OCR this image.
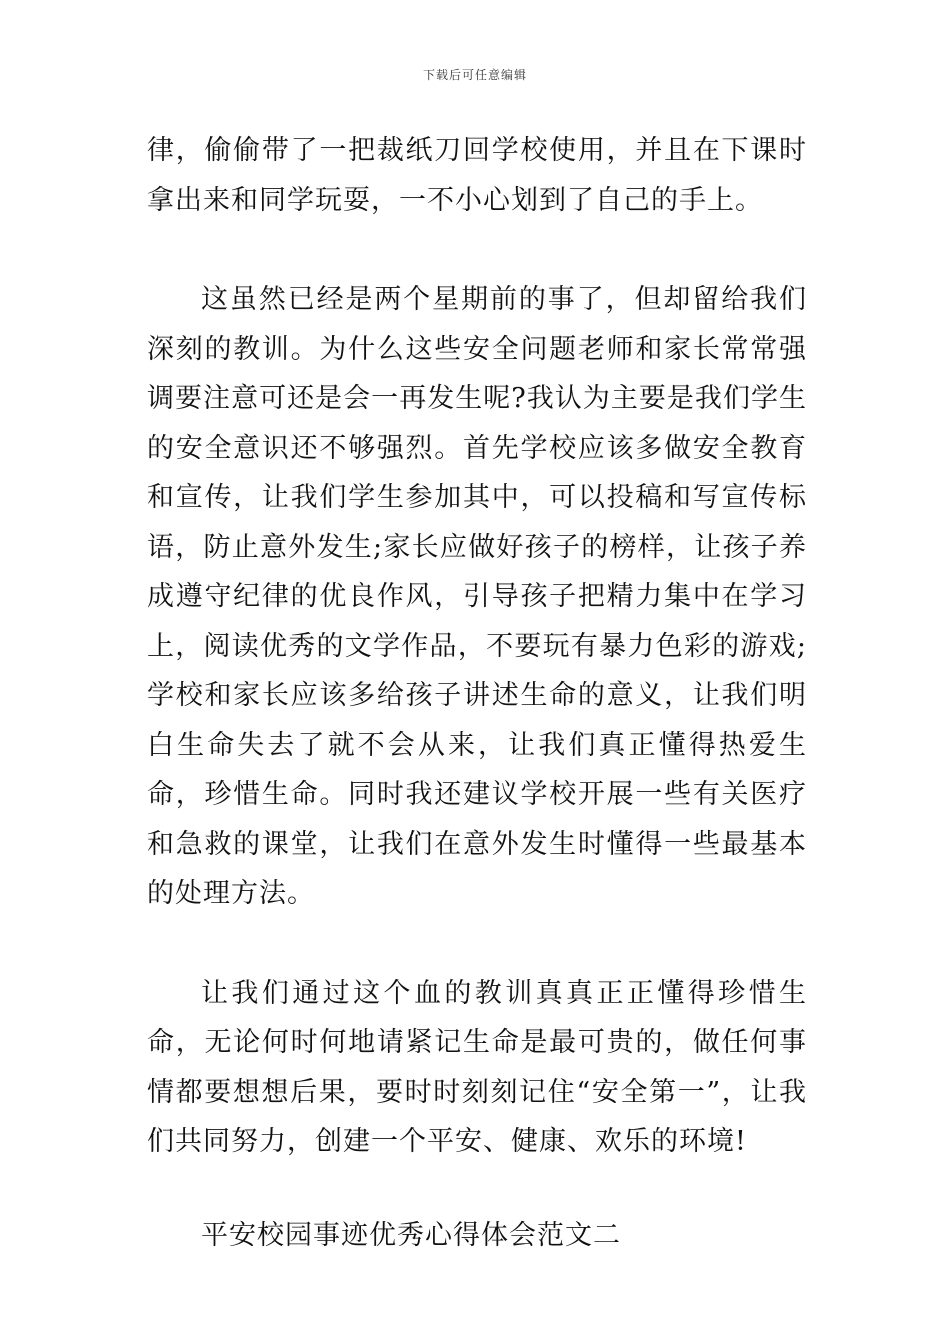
下载后可任意编辑

律，偷偷带了一把裁纸刀回学校使用，并且在下课时拿出来和同学玩耍，一不小心划到了自己的手上。

这虽然已经是两个星期前的事了，但却留给我们深刻的教训。为什么这些安全问题老师和家长常常强调要注意可还是会一再发生呢?我认为主要是我们学生的安全意识还不够强烈。首先学校应该多做安全教育和宣传，让我们学生参加其中，可以投稿和写宣传标语，防止意外发生;家长应做好孩子的榜样，让孩子养成遵守纪律的优良作风，引导孩子把精力集中在学习上，阅读优秀的文学作品，不要玩有暴力色彩的游戏;学校和家长应该多给孩子讲述生命的意义，让我们明白生命失去了就不会从来，让我们真正懂得热爱生命，珍惜生命。同时我还建议学校开展一些有关医疗和急救的课堂，让我们在意外发生时懂得一些最基本的处理方法。

让我们通过这个血的教训真真正正懂得珍惜生命，无论何时何地请紧记生命是最可贵的，做任何事情都要想想后果，要时时刻刻记住“安全第一”，让我们共同努力，创建一个平安、健康、欢乐的环境!

平安校园事迹优秀心得体会范文二
